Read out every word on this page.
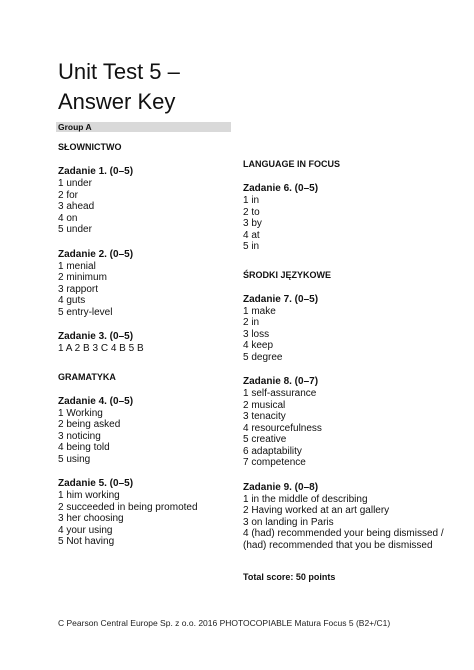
Unit Test 5 –
Answer Key
Group A
SŁOWNICTWO
Zadanie 1. (0–5)
1 under
2 for
3 ahead
4 on
5 under
Zadanie 2. (0–5)
1 menial
2 minimum
3 rapport
4 guts
5 entry-level
Zadanie 3. (0–5)
1 A 2 B 3 C 4 B 5 B
GRAMATYKA
Zadanie 4. (0–5)
1 Working
2 being asked
3 noticing
4 being told
5 using
Zadanie 5. (0–5)
1 him working
2 succeeded in being promoted
3 her choosing
4 your using
5 Not having
LANGUAGE IN FOCUS
Zadanie 6. (0–5)
1 in
2 to
3 by
4 at
5 in
ŚRODKI JĘZYKOWE
Zadanie 7. (0–5)
1 make
2 in
3 loss
4 keep
5 degree
Zadanie 8. (0–7)
1 self-assurance
2 musical
3 tenacity
4 resourcefulness
5 creative
6 adaptability
7 competence
Zadanie 9. (0–8)
1 in the middle of describing
2 Having worked at an art gallery
3 on landing in Paris
4 (had) recommended your being dismissed / (had) recommended that you be dismissed
Total score: 50 points
C Pearson Central Europe Sp. z o.o. 2016 PHOTOCOPIABLE Matura Focus 5 (B2+/C1)
